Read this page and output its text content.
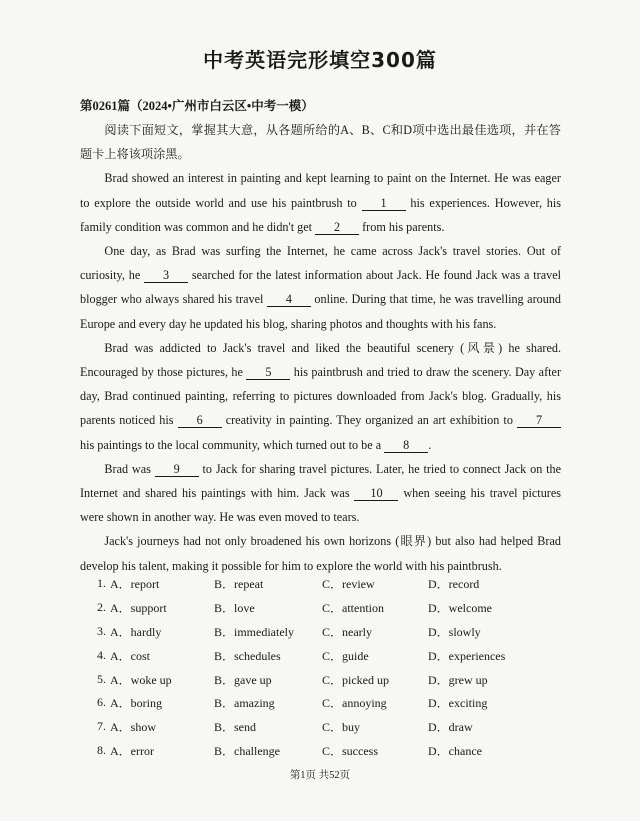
中考英语完形填空300篇
第0261篇（2024•广州市白云区•中考一模）

阅读下面短文，掌握其大意，从各题所给的A、B、C和D项中选出最佳选项，并在答题卡上将该项涂黑。

Brad showed an interest in painting and kept learning to paint on the Internet. He was eager to explore the outside world and use his paintbrush to 1 his experiences. However, his family condition was common and he didn't get 2 from his parents.

One day, as Brad was surfing the Internet, he came across Jack's travel stories. Out of curiosity, he 3 searched for the latest information about Jack. He found Jack was a travel blogger who always shared his travel 4 online. During that time, he was travelling around Europe and every day he updated his blog, sharing photos and thoughts with his fans.

Brad was addicted to Jack's travel and liked the beautiful scenery (风景) he shared. Encouraged by those pictures, he 5 his paintbrush and tried to draw the scenery. Day after day, Brad continued painting, referring to pictures downloaded from Jack's blog. Gradually, his parents noticed his 6 creativity in painting. They organized an art exhibition to 7 his paintings to the local community, which turned out to be a 8 .

Brad was 9 to Jack for sharing travel pictures. Later, he tried to connect Jack on the Internet and shared his paintings with him. Jack was 10 when seeing his travel pictures were shown in another way. He was even moved to tears.

Jack's journeys had not only broadened his own horizons (眼界) but also had helped Brad develop his talent, making it possible for him to explore the world with his paintbrush.

1. A．report	B．repeat	C．review	D．record
2. A．support	B．love	C．attention	D．welcome
3. A．hardly	B．immediately	C．nearly	D．slowly
4. A．cost	B．schedules	C．guide	D．experiences
5. A．woke up	B．gave up	C．picked up	D．grew up
6. A．boring	B．amazing	C．annoying	D．exciting
7. A．show	B．send	C．buy	D．draw
8. A．error	B．challenge	C．success	D．chance
第1页 共52页
